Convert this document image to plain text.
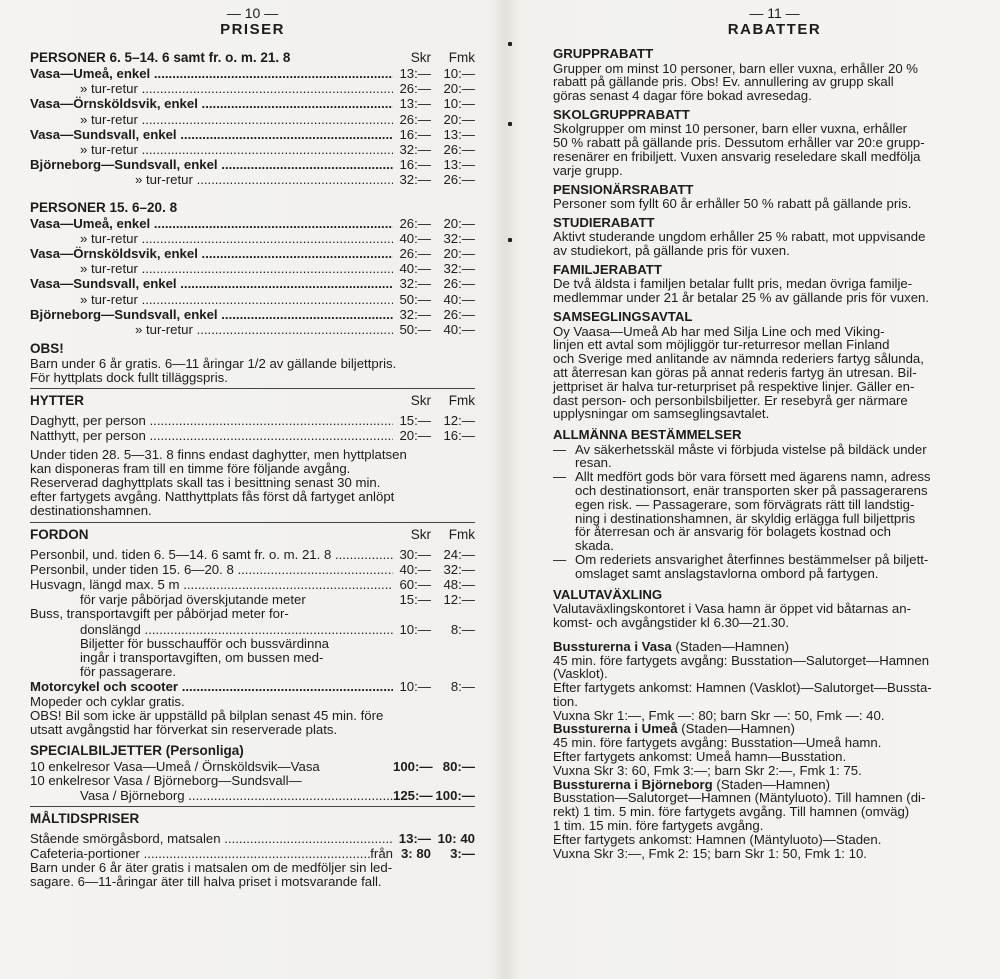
— 10 —
PRISER
PERSONER 6. 5–14. 6 samt fr. o. m. 21. 8	Skr	Fmk
Vasa—Umeå, enkel .....	13:— 10:—
» tur-retur .....	26:— 20:—
Vasa—Örnsköldsvik, enkel .....	13:— 10:—
» tur-retur .....	26:— 20:—
Vasa—Sundsvall, enkel .....	16:— 13:—
» tur-retur .....	32:— 26:—
Björneborg—Sundsvall, enkel .....	16:— 13:—
» tur-retur .....	32:— 26:—
PERSONER 15. 6–20. 8
Vasa—Umeå, enkel .....	26:— 20:—
» tur-retur .....	40:— 32:—
Vasa—Örnsköldsvik, enkel .....	26:— 20:—
» tur-retur .....	40:— 32:—
Vasa—Sundsvall, enkel .....	32:— 26:—
» tur-retur .....	50:— 40:—
Björneborg—Sundsvall, enkel .....	32:— 26:—
» tur-retur .....	50:— 40:—
OBS!
Barn under 6 år gratis. 6—11 åringar 1/2 av gällande biljettpris.
För hyttplats dock fullt tilläggspris.
HYTTER	Skr	Fmk
Daghytt, per person .....	15:— 12:—
Natthytt, per person .....	20:— 16:—
Under tiden 28. 5—31. 8 finns endast daghytter, men hyttplatsen
kan disponeras fram till en timme före följande avgång.
Reserverad daghyttplats skall tas i besittning senast 30 min.
efter fartygets avgång. Natthyttplats fås först då fartyget anlöpt
destinationshamnen.
FORDON	Skr	Fmk
Personbil, und. tiden 6. 5—14. 6 samt fr. o. m. 21. 8 .....	30:— 24:—
Personbil, under tiden 15. 6—20. 8 .....	40:— 32:—
Husvagn, längd max. 5 m .....	60:— 48:—
för varje påbörjad överskjutande meter	15:— 12:—
Buss, transportavgift per påbörjad meter for-
donslängd .....	10:—	8:—
Biljetter för busschaufför och bussvärdinna
ingår i transportavgiften, om bussen med-
för passagerare.
Motorcykel och scooter .....	10:—	8:—
Mopeder och cyklar gratis.
OBS! Bil som icke är uppställd på bilplan senast 45 min. före
utsatt avgångstid har förverkat sin reserverade plats.
SPECIALBILJETTER (Personliga)
10 enkelresor Vasa—Umeå / Örnsköldsvik—Vasa	100:— 80:—
10 enkelresor Vasa / Björneborg—Sundsvall—
Vasa / Björneborg .....	125:— 100:—
MÅLTIDSPRISER
Stående smörgåsbord, matsalen .....	13:— 10: 40
Cafeteria-portioner .....	från 3: 80	3:—
Barn under 6 år äter gratis i matsalen om de medföljer sin led-
sagare. 6—11-åringar äter till halva priset i motsvarande fall.
— 11 —
RABATTER
GRUPPRABATT
Grupper om minst 10 personer, barn eller vuxna, erhåller 20 %
rabatt på gällande pris. Obs! Ev. annullering av grupp skall
göras senast 4 dagar före bokad avresedag.
SKOLGRUPPRABATT
Skolgrupper om minst 10 personer, barn eller vuxna, erhåller
50 % rabatt på gällande pris. Dessutom erhåller var 20:e grupp-
resenärer en fribiljett. Vuxen ansvarig reseledare skall medfölja
varje grupp.
PENSIONÄRSRABATT
Personer som fyllt 60 år erhåller 50 % rabatt på gällande pris.
STUDIERABATT
Aktivt studerande ungdom erhåller 25 % rabatt, mot uppvisande
av studiekort, på gällande pris för vuxen.
FAMILJERABATT
De två äldsta i familjen betalar fullt pris, medan övriga familje-
medlemmar under 21 år betalar 25 % av gällande pris för vuxen.
SAMSEGLINGSAVTAL
Oy Vaasa—Umeå Ab har med Silja Line och med Viking-
linjen ett avtal som möjliggör tur-returresor mellan Finland
och Sverige med anlitande av nämnda rederiers fartyg sålunda,
att återresan kan göras på annat rederis fartyg än utresan. Bil-
jettpriset är halva tur-returpriset på respektive linjer. Gäller en-
dast person- och personbilsbiljetter. Er resebyrå ger närmare
upplysningar om samseglingsavtalet.
ALLMÄNNA BESTÄMMELSER
— Av säkerhetsskäl måste vi förbjuda vistelse på bildäck under
resan.
— Allt medfört gods bör vara försett med ägarens namn, adress
och destinationsort, enär transporten sker på passagerarens
egen risk. — Passagerare, som förvägrats rätt till landstig-
ning i destinationshamnen, är skyldig erlägga full biljettpris
för återresan och är ansvarig för bolagets kostnad och
skada.
— Om rederiets ansvarighet återfinnes bestämmelser på biljett-
omslaget samt anslagstavlorna ombord på fartygen.
VALUTAVÄXLING
Valutaväxlingskontoret i Vasa hamn är öppet vid båtarnas an-
komst- och avgångstider kl 6.30—21.30.
Bussturerna i Vasa (Staden—Hamnen)
45 min. före fartygets avgång: Busstation—Salutorget—Hamnen
(Vasklot).
Efter fartygets ankomst: Hamnen (Vasklot)—Salutorget—Bussta-
tion.
Vuxna Skr 1:—, Fmk —: 80; barn Skr —: 50, Fmk —: 40.
Bussturerna i Umeå (Staden—Hamnen)
45 min. före fartygets avgång: Busstation—Umeå hamn.
Efter fartygets ankomst: Umeå hamn—Busstation.
Vuxna Skr 3: 60, Fmk 3:—; barn Skr 2:—, Fmk 1: 75.
Bussturerna i Björneborg (Staden—Hamnen)
Busstation—Salutorget—Hamnen (Mäntyluoto). Till hamnen (di-
rekt) 1 tim. 5 min. före fartygets avgång. Till hamnen (omväg)
1 tim. 15 min. före fartygets avgång.
Efter fartygets ankomst: Hamnen (Mäntyluoto)—Staden.
Vuxna Skr 3:—, Fmk 2: 15; barn Skr 1: 50, Fmk 1: 10.
